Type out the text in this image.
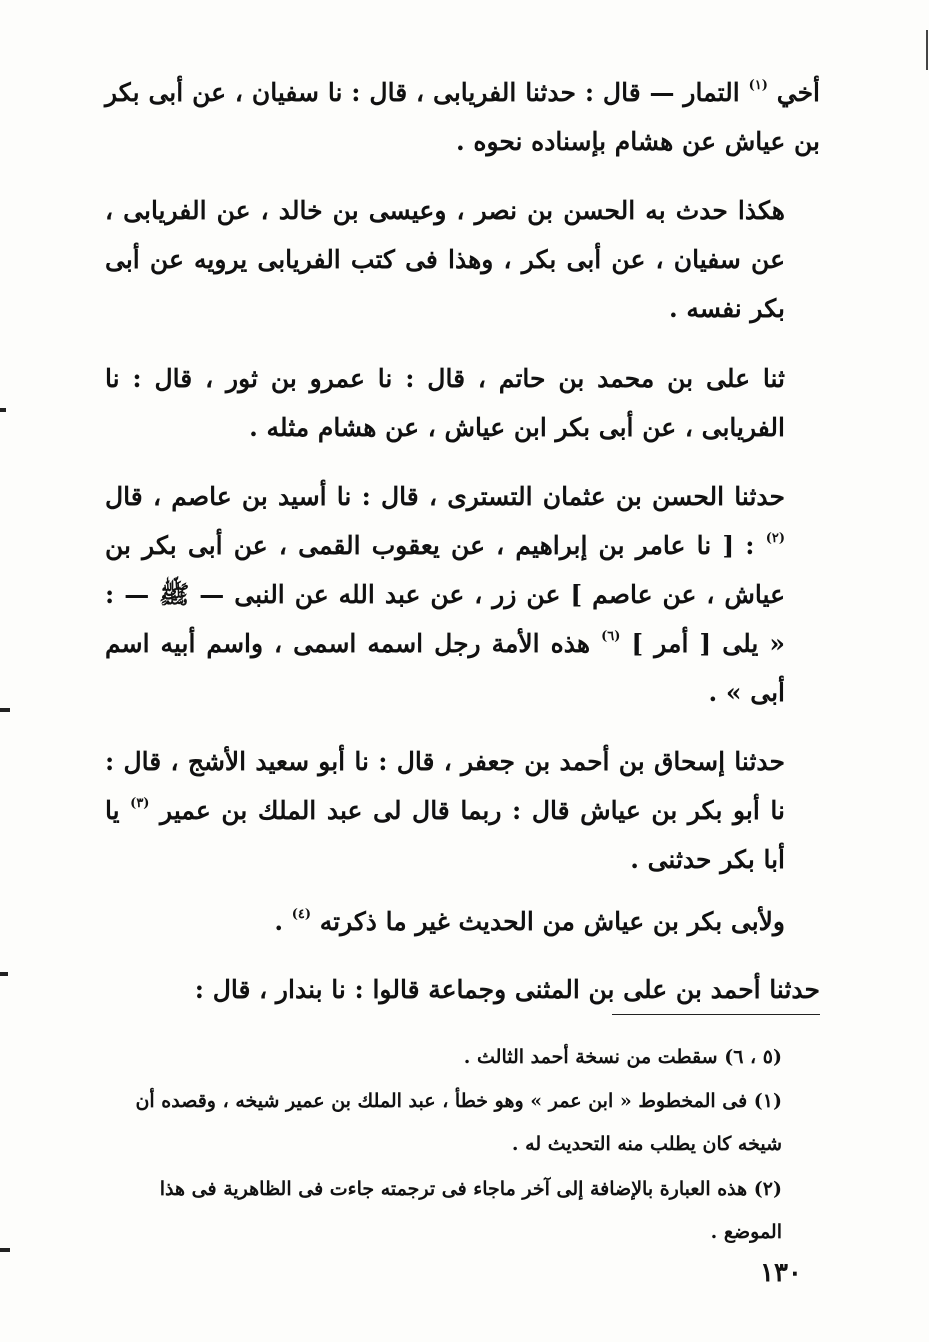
أخي $^{(١)}$ التمار — قال : حدثنا الفريابى ، قال : نا سفيان ، عن أبى بكر بن عياش عن هشام بإسناده نحوه .

هكذا حدث به الحسن بن نصر ، وعيسى بن خالد ، عن الفريابى ، عن سفيان ، عن أبى بكر ، وهذا فى كتب الفريابى يرويه عن أبى بكر نفسه .

ثنا على بن محمد بن حاتم ، قال : نا عمرو بن ثور ، قال : نا الفريابى ، عن أبى بكر ابن عياش ، عن هشام مثله .

حدثنا الحسن بن عثمان التسترى ، قال : نا أسيد بن عاصم ، قال $^{(٢)}$ : [ نا عامر بن إبراهيم ، عن يعقوب القمى ، عن أبى بكر بن عياش ، عن عاصم ] عن زر ، عن عبد الله عن النبى — ﷺ — : « يلى [ أمر ] $^{(٦)}$ هذه الأمة رجل اسمه اسمى ، واسم أبيه اسم أبى » .

حدثنا إسحاق بن أحمد بن جعفر ، قال : نا أبو سعيد الأشج ، قال : نا أبو بكر بن عياش قال : ربما قال لى عبد الملك بن عمير $^{(٣)}$ يا أبا بكر حدثنى .

ولأبى بكر بن عياش من الحديث غير ما ذكرته $^{(٤)}$ .

حدثنا أحمد بن على بن المثنى وجماعة قالوا : نا بندار ، قال :

(٥ ، ٦) سقطت من نسخة أحمد الثالث .

(١) فى المخطوط « ابن عمر » وهو خطأ ، عبد الملك بن عمير شيخه ، وقصده أن شيخه كان يطلب منه التحديث له .

(٢) هذه العبارة بالإضافة إلى آخر ماجاء فى ترجمته جاءت فى الظاهرية فى هذا الموضع .

١٣٠
